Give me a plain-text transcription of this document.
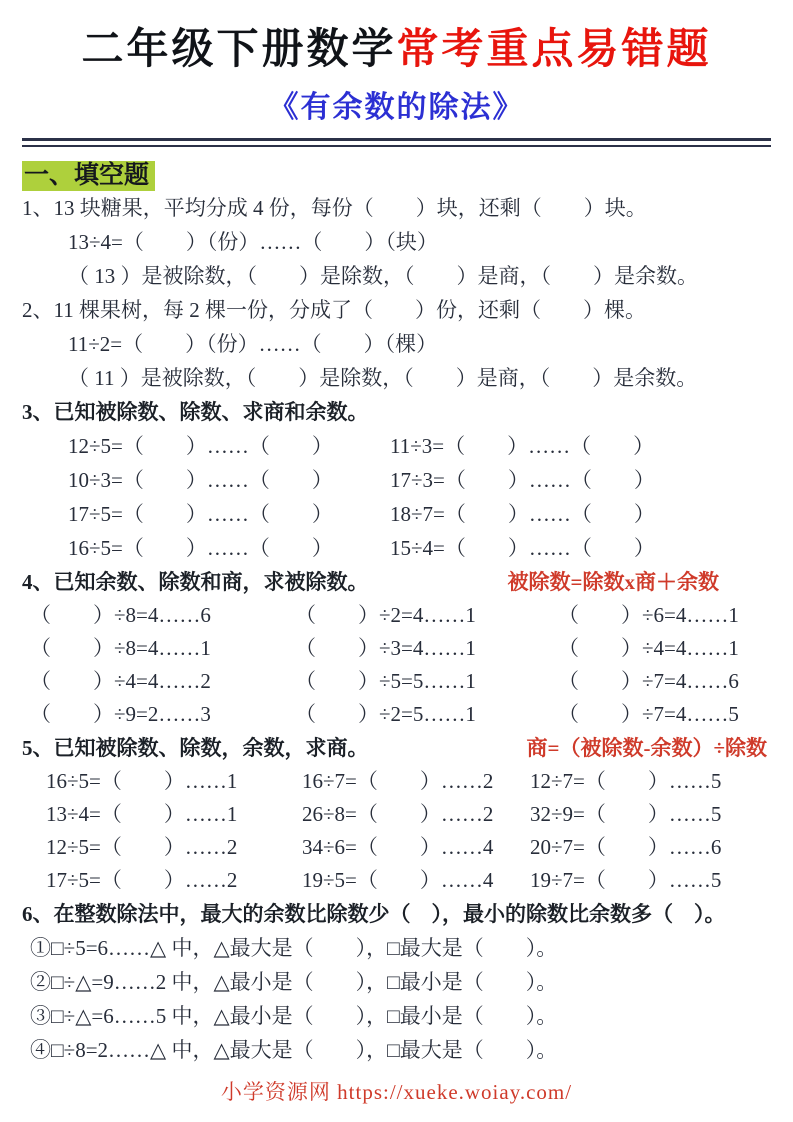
二年级下册数学常考重点易错题
《有余数的除法》
一、填空题

1、13 块糖果，平均分成 4 份，每份（　　）块，还剩（　　）块。

13÷4=（　　）（份）……（　　）（块）

（ 13 ）是被除数，（　　）是除数，（　　）是商，（　　）是余数。

2、11 棵果树，每 2 棵一份，分成了（　　）份，还剩（　　）棵。

11÷2=（　　）（份）……（　　）（棵）

（ 11 ）是被除数，（　　）是除数，（　　）是商，（　　）是余数。

3、已知被除数、除数、求商和余数。

12÷5=（　　）……（　　）	11÷3=（　　）……（　　）
10÷3=（　　）……（　　）	17÷3=（　　）……（　　）
17÷5=（　　）……（　　）	18÷7=（　　）……（　　）
16÷5=（　　）……（　　）	15÷4=（　　）……（　　）

4、已知余数、除数和商，求被除数。	被除数=除数x商＋余数

（　　）÷8=4……6	（　　）÷2=4……1	（　　）÷6=4……1
（　　）÷8=4……1	（　　）÷3=4……1	（　　）÷4=4……1
（　　）÷4=4……2	（　　）÷5=5……1	（　　）÷7=4……6
（　　）÷9=2……3	（　　）÷2=5……1	（　　）÷7=4……5

5、已知被除数、除数，余数，求商。	商=（被除数-余数）÷除数

16÷5=（　　）……1	16÷7=（　　）……2	12÷7=（　　）……5
13÷4=（　　）……1	26÷8=（　　）……2	32÷9=（　　）……5
12÷5=（　　）……2	34÷6=（　　）……4	20÷7=（　　）……6
17÷5=（　　）……2	19÷5=（　　）……4	19÷7=（　　）……5

6、在整数除法中，最大的余数比除数少（　），最小的除数比余数多（　）。

①□÷5=6……△ 中，△最大是（　　），□最大是（　　）。

②□÷△=9……2 中，△最小是（　　），□最小是（　　）。

③□÷△=6……5 中，△最小是（　　），□最小是（　　）。

④□÷8=2……△ 中，△最大是（　　），□最大是（　　）。

小学资源网 https://xueke.woiay.com/
